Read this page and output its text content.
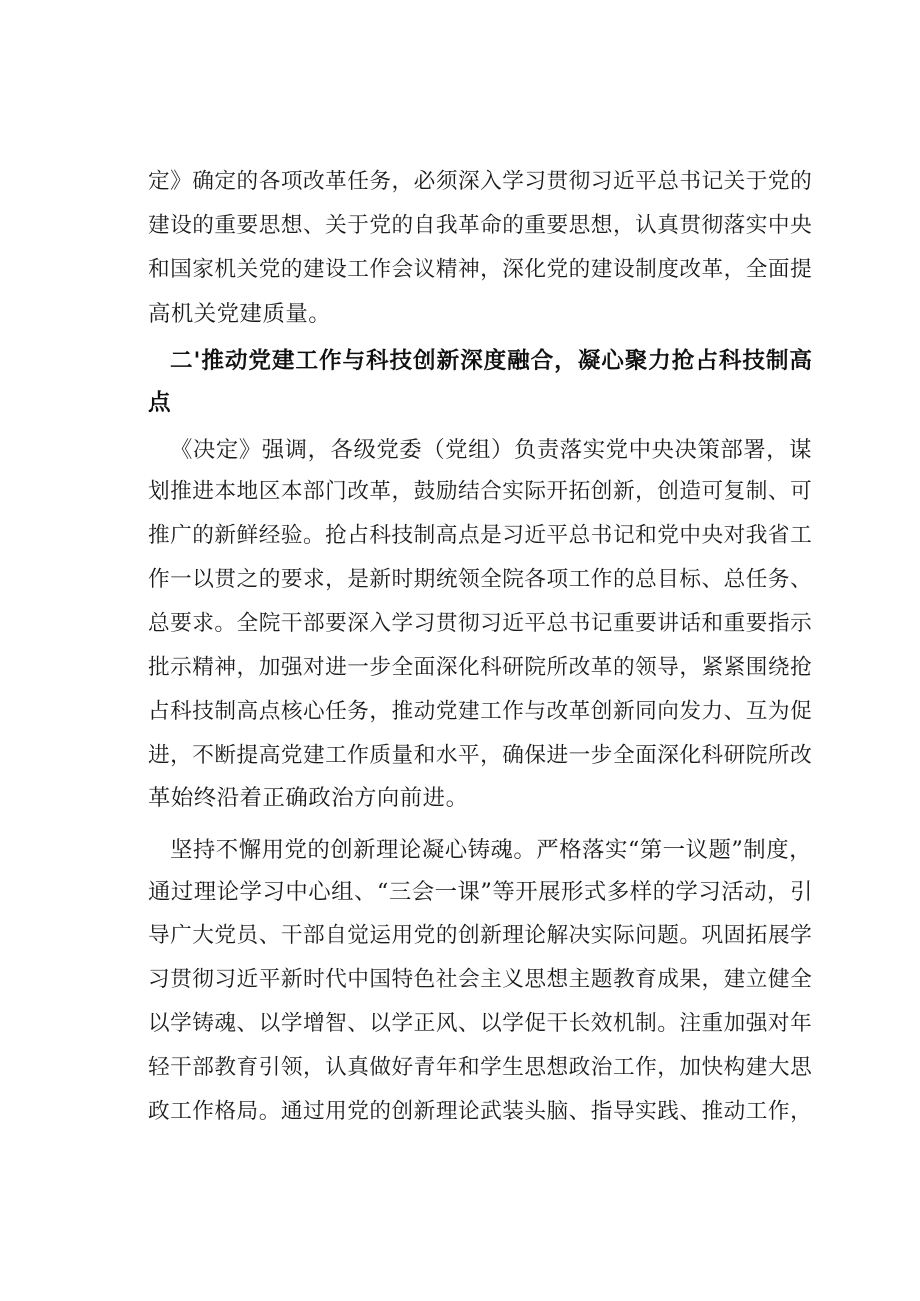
定》确定的各项改革任务，必须深入学习贯彻习近平总书记关于党的
建设的重要思想、关于党的自我革命的重要思想，认真贯彻落实中央
和国家机关党的建设工作会议精神，深化党的建设制度改革，全面提
高机关党建质量。
二'推动党建工作与科技创新深度融合，凝心聚力抢占科技制高
点
《决定》强调，各级党委（党组）负责落实党中央决策部署，谋
划推进本地区本部门改革，鼓励结合实际开拓创新，创造可复制、可
推广的新鲜经验。抢占科技制高点是习近平总书记和党中央对我省工
作一以贯之的要求，是新时期统领全院各项工作的总目标、总任务、
总要求。全院干部要深入学习贯彻习近平总书记重要讲话和重要指示
批示精神，加强对进一步全面深化科研院所改革的领导，紧紧围绕抢
占科技制高点核心任务，推动党建工作与改革创新同向发力、互为促
进，不断提高党建工作质量和水平，确保进一步全面深化科研院所改
革始终沿着正确政治方向前进。
坚持不懈用党的创新理论凝心铸魂。严格落实“第一议题”制度，
通过理论学习中心组、“三会一课”等开展形式多样的学习活动，引
导广大党员、干部自觉运用党的创新理论解决实际问题。巩固拓展学
习贯彻习近平新时代中国特色社会主义思想主题教育成果，建立健全
以学铸魂、以学增智、以学正风、以学促干长效机制。注重加强对年
轻干部教育引领，认真做好青年和学生思想政治工作，加快构建大思
政工作格局。通过用党的创新理论武装头脑、指导实践、推动工作，
